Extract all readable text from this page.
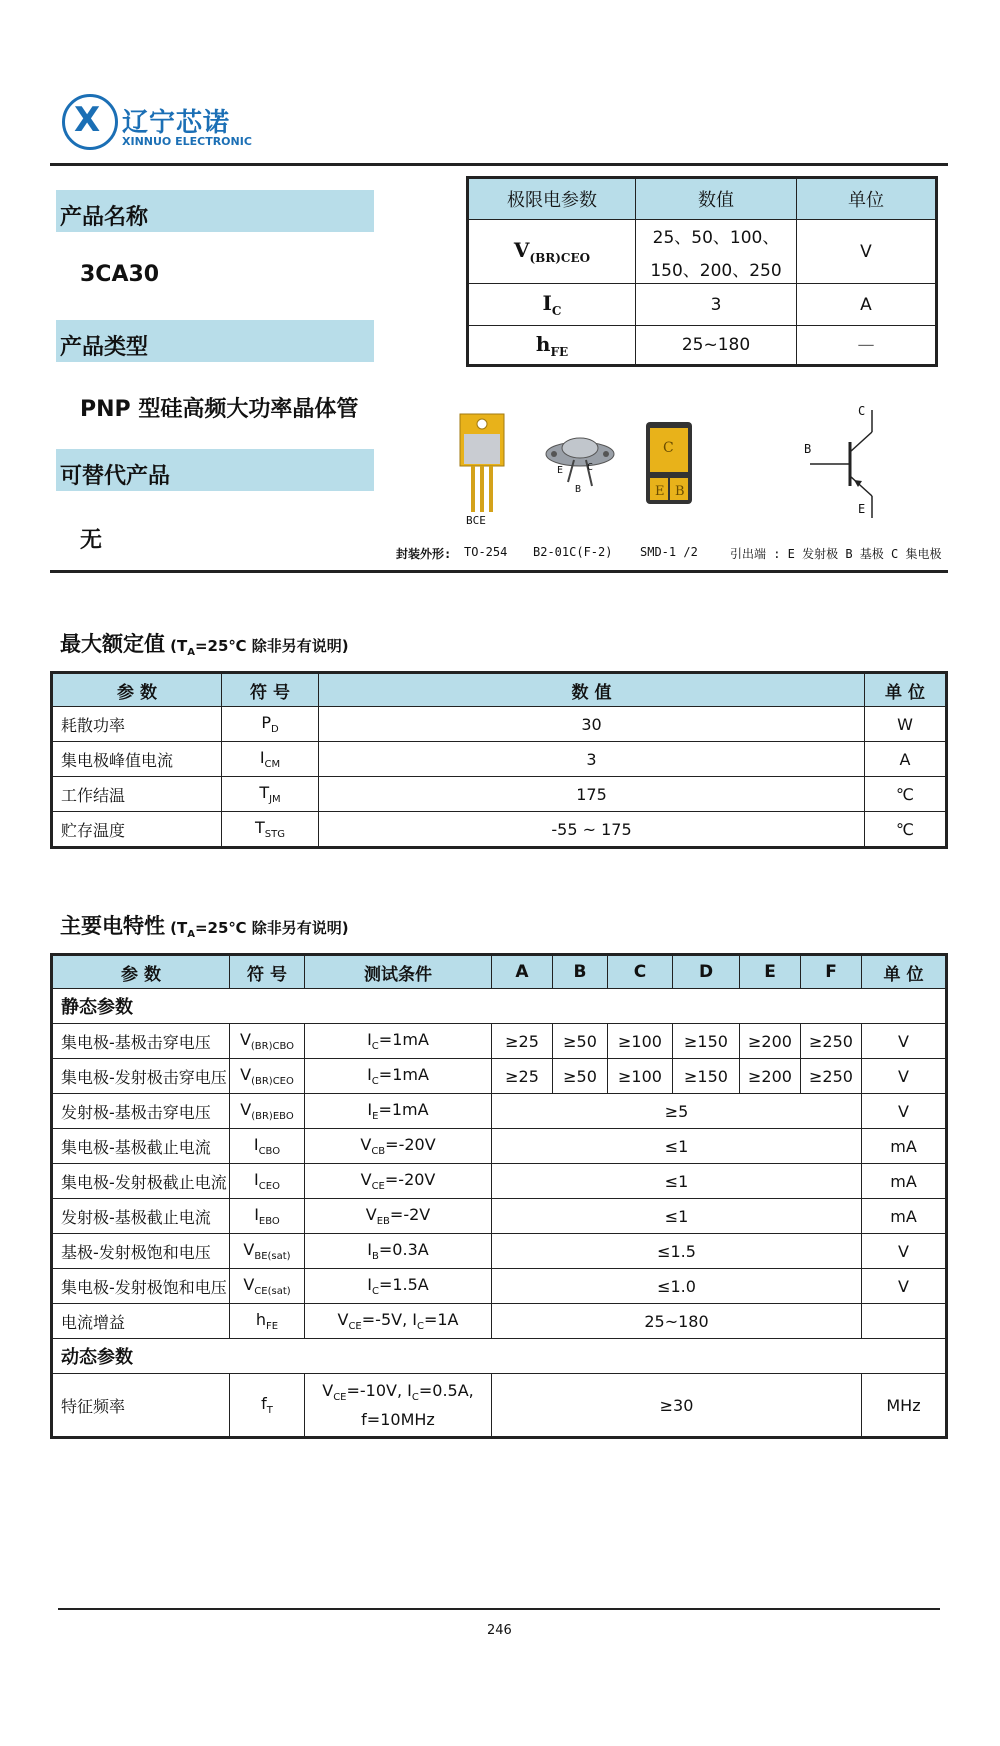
X 辽宁芯诺
XINNUO ELECTRONIC
产品名称
3CA30
产品类型
PNP 型硅高频大功率晶体管
可替代产品
无
极限电参数	数值	单位
$V_{(BR)CEO}$	25、50、100、
150、200、250	V
$I_C$	3	A
$h_{FE}$	25~180	—
BCE
E
B
C
C
E B
C
B
E
封装外形: TO-254 B2-01C(F-2) SMD-1 /2	引出端 : E 发射极 B 基极 C 集电极
最大额定值 ($T_A=25℃$ 除非另有说明)
参 数	符 号	数 值	单 位
耗散功率	$P_D$	30	W
集电极峰值电流	$I_{CM}$	3	A
工作结温	$T_{JM}$	175	℃
贮存温度	$T_{STG}$	-55 ~ 175	℃
主要电特性 ($T_A=25℃$ 除非另有说明)
参 数	符 号	测试条件	A	B	C	D	E	F	单 位
静态参数									
集电极-基极击穿电压	$V_{(BR)CBO}$	$I_C=1mA$	≥25	≥50	≥100	≥150	≥200	≥250	V
集电极-发射极击穿电压	$V_{(BR)CEO}$	$I_C=1mA$	≥25	≥50	≥100	≥150	≥200	≥250	V
发射极-基极击穿电压	$V_{(BR)EBO}$	$I_E=1mA$	≥5						V
集电极-基极截止电流	$I_{CBO}$	$V_{CB}=-20V$	≤1						mA
集电极-发射极截止电流	$I_{CEO}$	$V_{CE}=-20V$	≤1						mA
发射极-基极截止电流	$I_{EBO}$	$V_{EB}=-2V$	≤1						mA
基极-发射极饱和电压	$V_{BE(sat)}$	$I_B=0.3A$	≤1.5						V
集电极-发射极饱和电压	$V_{CE(sat)}$	$I_C=1.5A$	≤1.0						V
电流增益	$h_{FE}$	$V_{CE}=-5V$, $I_C=1A$	25~180						
动态参数									
特征频率	$f_T$	$V_{CE}=-10V$, $I_C=0.5A$,
f=10MHz	≥30						MHz
246
